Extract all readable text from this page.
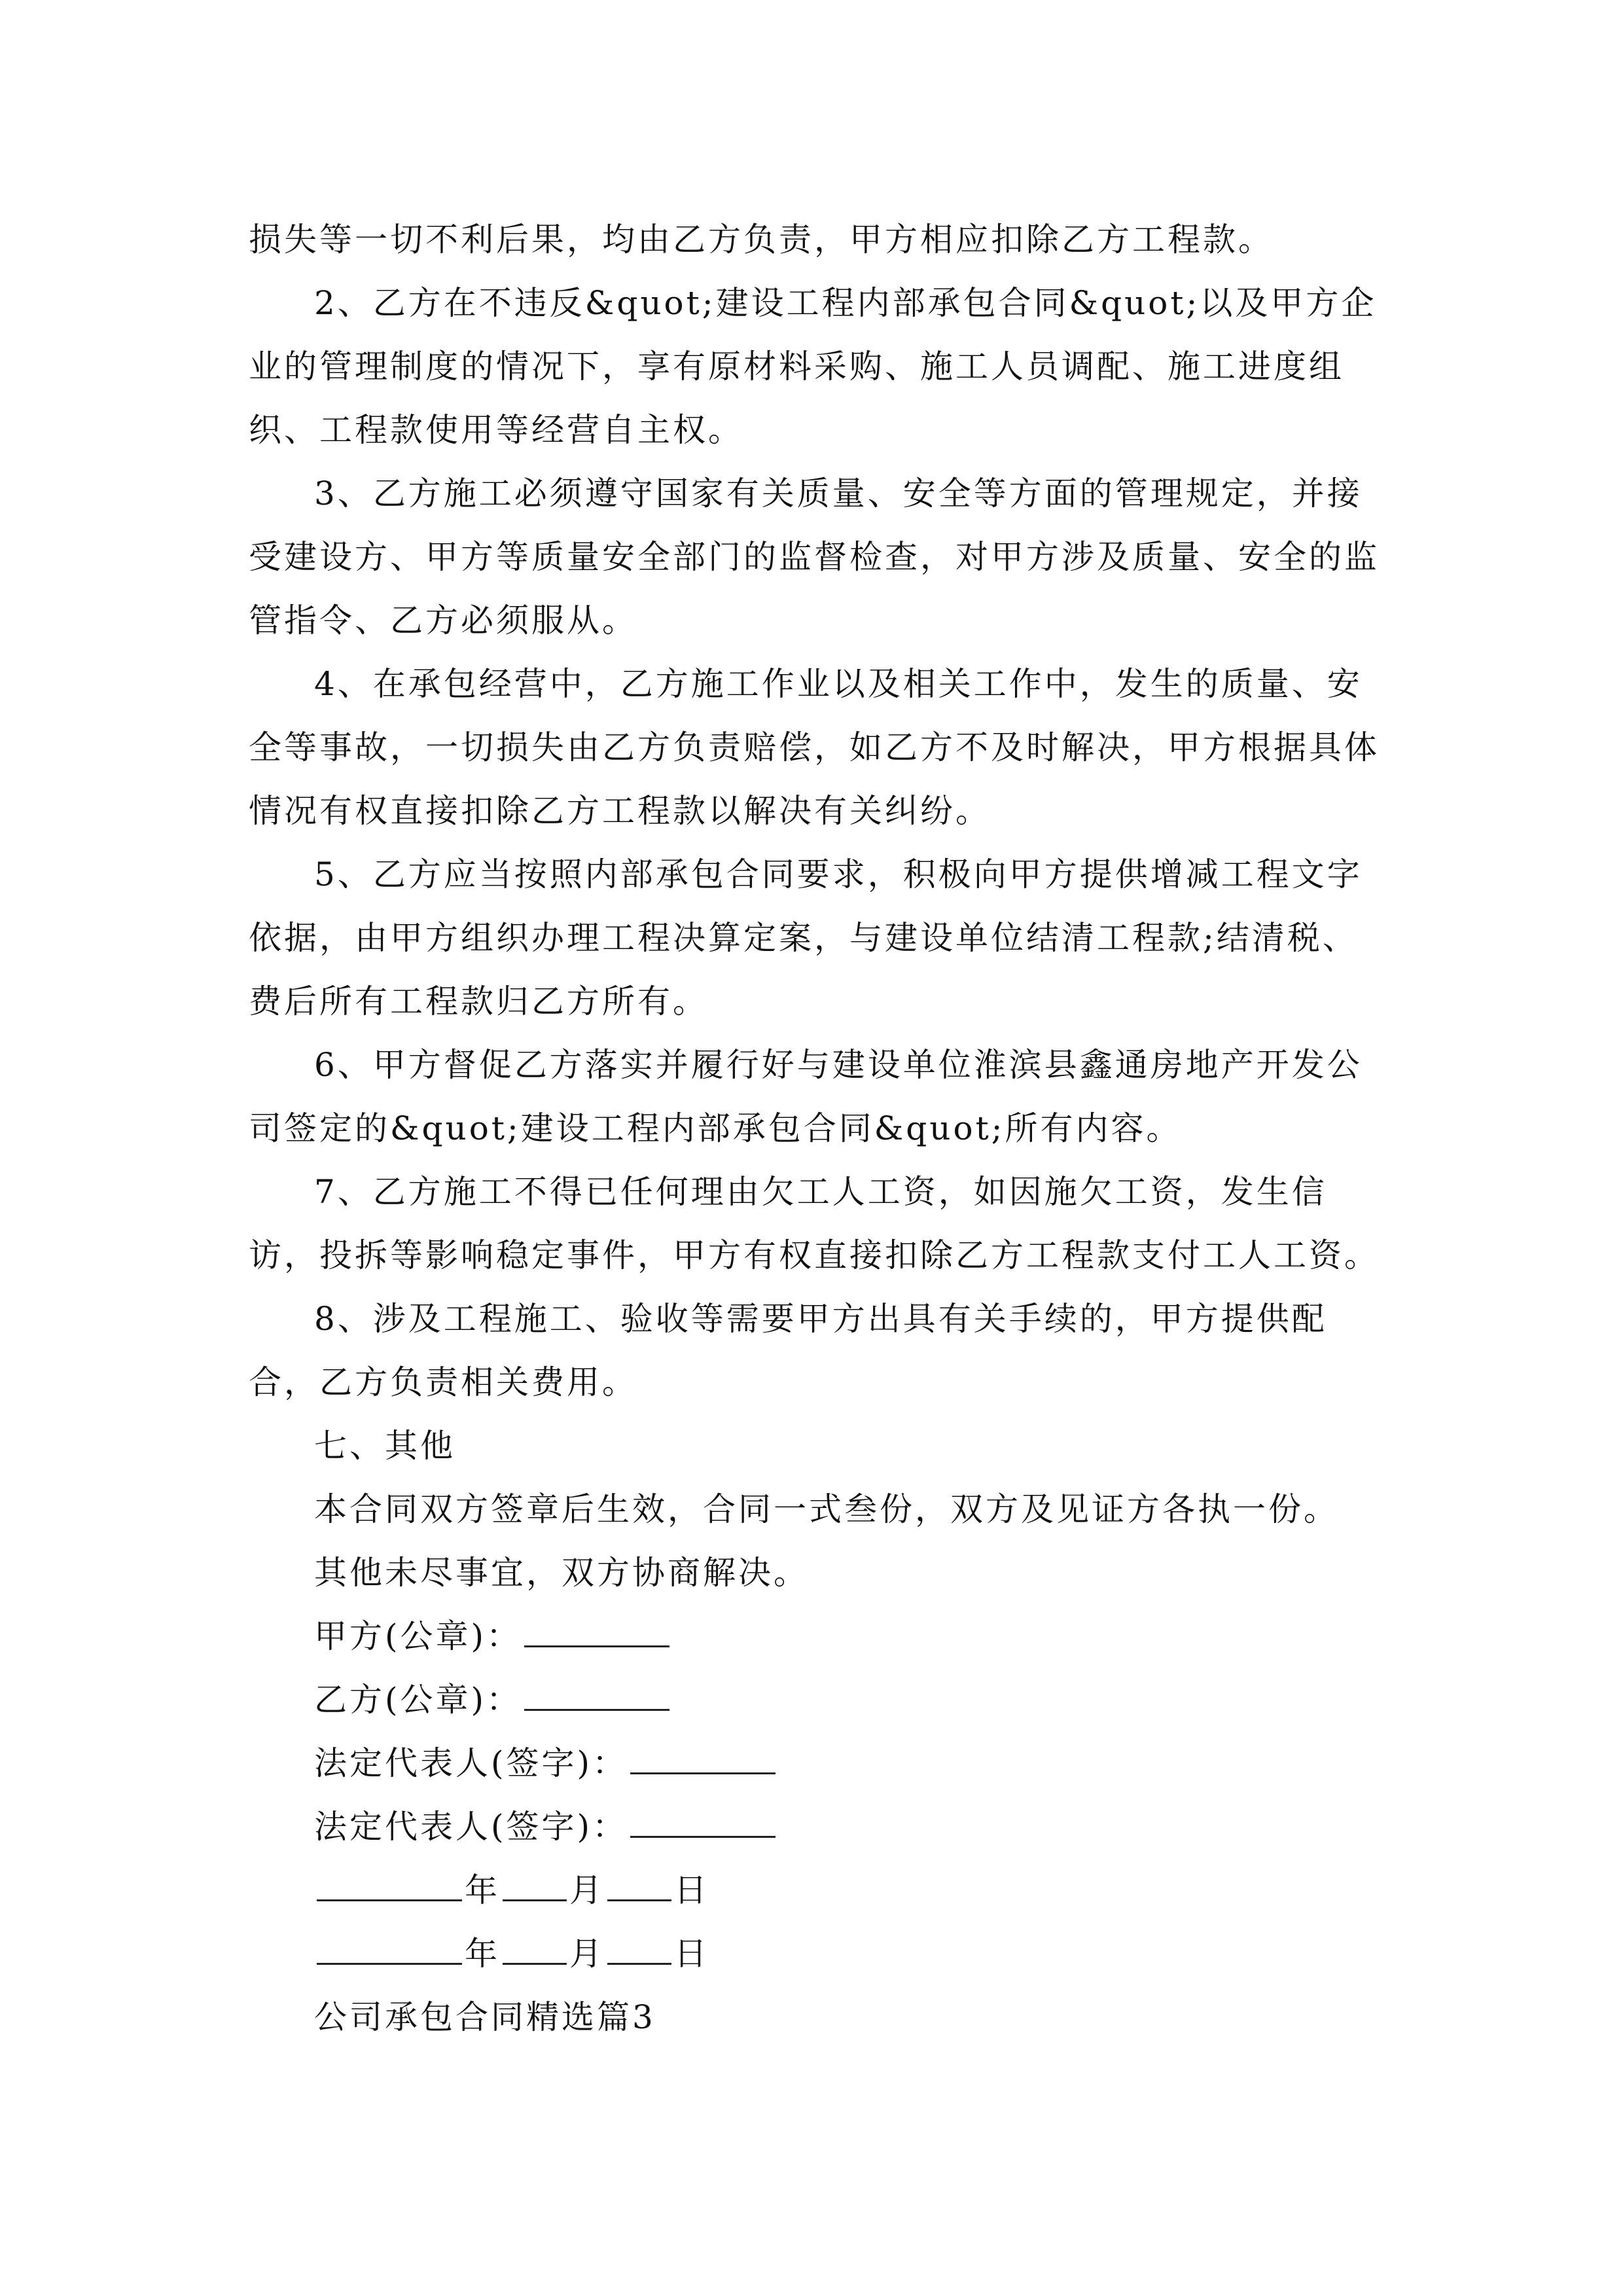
损失等一切不利后果，均由乙方负责，甲方相应扣除乙方工程款。

2、乙方在不违反&quot;建设工程内部承包合同&quot;以及甲方企业的管理制度的情况下，享有原材料采购、施工人员调配、施工进度组织、工程款使用等经营自主权。

3、乙方施工必须遵守国家有关质量、安全等方面的管理规定，并接受建设方、甲方等质量安全部门的监督检查，对甲方涉及质量、安全的监管指令、乙方必须服从。

4、在承包经营中，乙方施工作业以及相关工作中，发生的质量、安全等事故，一切损失由乙方负责赔偿，如乙方不及时解决，甲方根据具体情况有权直接扣除乙方工程款以解决有关纠纷。

5、乙方应当按照内部承包合同要求，积极向甲方提供增减工程文字依据，由甲方组织办理工程决算定案，与建设单位结清工程款;结清税、费后所有工程款归乙方所有。

6、甲方督促乙方落实并履行好与建设单位淮滨县鑫通房地产开发公司签定的&quot;建设工程内部承包合同&quot;所有内容。

7、乙方施工不得已任何理由欠工人工资，如因施欠工资，发生信访，投拆等影响稳定事件，甲方有权直接扣除乙方工程款支付工人工资。

8、涉及工程施工、验收等需要甲方出具有关手续的，甲方提供配合，乙方负责相关费用。

七、其他

本合同双方签章后生效，合同一式叁份，双方及见证方各执一份。

其他未尽事宜，双方协商解决。

甲方(公章)：

乙方(公章)：

法定代表人(签字)：

法定代表人(签字)：

年 月 日

年 月 日

公司承包合同精选篇3
